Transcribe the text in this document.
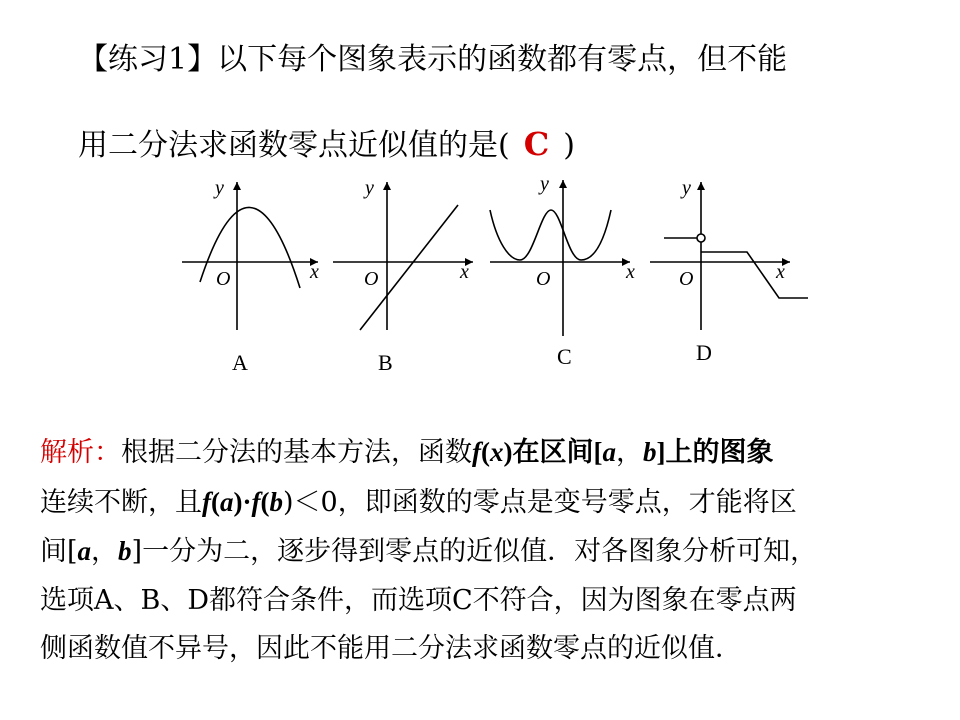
【练习1】以下每个图象表示的函数都有零点，但不能
用二分法求函数零点近似值的是( C )
y
x
O
A
y
x
O
B
y
x
O
C
y
x
O
D
解析：根据二分法的基本方法，函数f(x)在区间[a，b]上的图象
连续不断，且f(a)·f(b)＜0，即函数的零点是变号零点，才能将区
间[a，b]一分为二，逐步得到零点的近似值．对各图象分析可知，
选项A、B、D都符合条件，而选项C不符合，因为图象在零点两
侧函数值不异号，因此不能用二分法求函数零点的近似值．
